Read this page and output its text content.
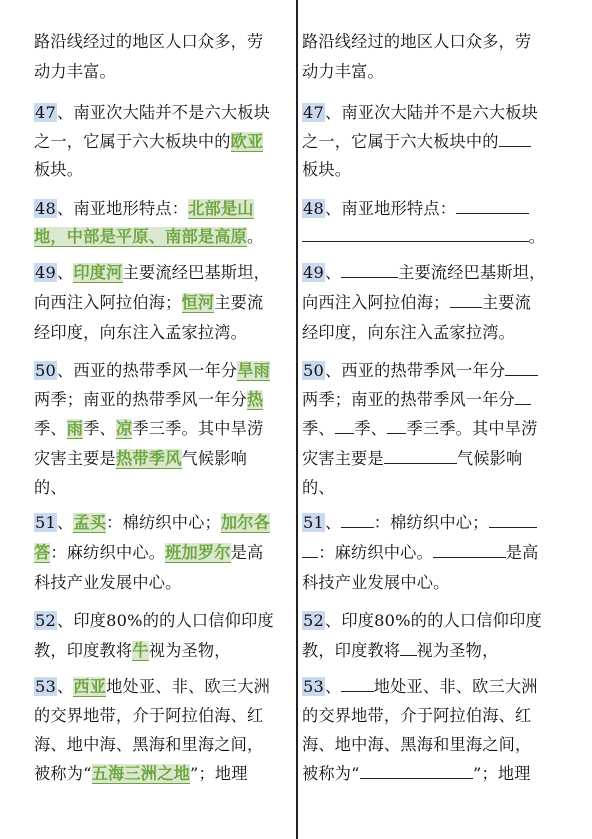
路沿线经过的地区人口众多，劳
动力丰富。
47、南亚次大陆并不是六大板块
之一，它属于六大板块中的欧亚
板块。
48、南亚地形特点：北部是山
地，中部是平原、南部是高原。
49、印度河主要流经巴基斯坦，
向西注入阿拉伯海；恒河主要流
经印度，向东注入孟家拉湾。
50、西亚的热带季风一年分旱雨
两季；南亚的热带季风一年分热
季、雨季、凉季三季。其中旱涝
灾害主要是热带季风气候影响
的、
51、孟买：棉纺织中心；加尔各
答：麻纺织中心。班加罗尔是高
科技产业发展中心。
52、印度80%的的人口信仰印度
教，印度教将牛视为圣物，
53、西亚地处亚、非、欧三大洲
的交界地带，介于阿拉伯海、红
海、地中海、黑海和里海之间，
被称为“五海三洲之地”；地理
路沿线经过的地区人口众多，劳
动力丰富。
47、南亚次大陆并不是六大板块
之一，它属于六大板块中的
板块。
48、南亚地形特点：
。
49、	主要流经巴基斯坦，
向西注入阿拉伯海； 主要流
经印度，向东注入孟家拉湾。
50、西亚的热带季风一年分
两季；南亚的热带季风一年分
季、 季、 季三季。其中旱涝
灾害主要是	气候影响
的、
51、 ：棉纺织中心；
：麻纺织中心。	是高
科技产业发展中心。
52、印度80%的的人口信仰印度
教，印度教将 视为圣物，
53、 地处亚、非、欧三大洲
的交界地带，介于阿拉伯海、红
海、地中海、黑海和里海之间，
被称为“	”；地理
